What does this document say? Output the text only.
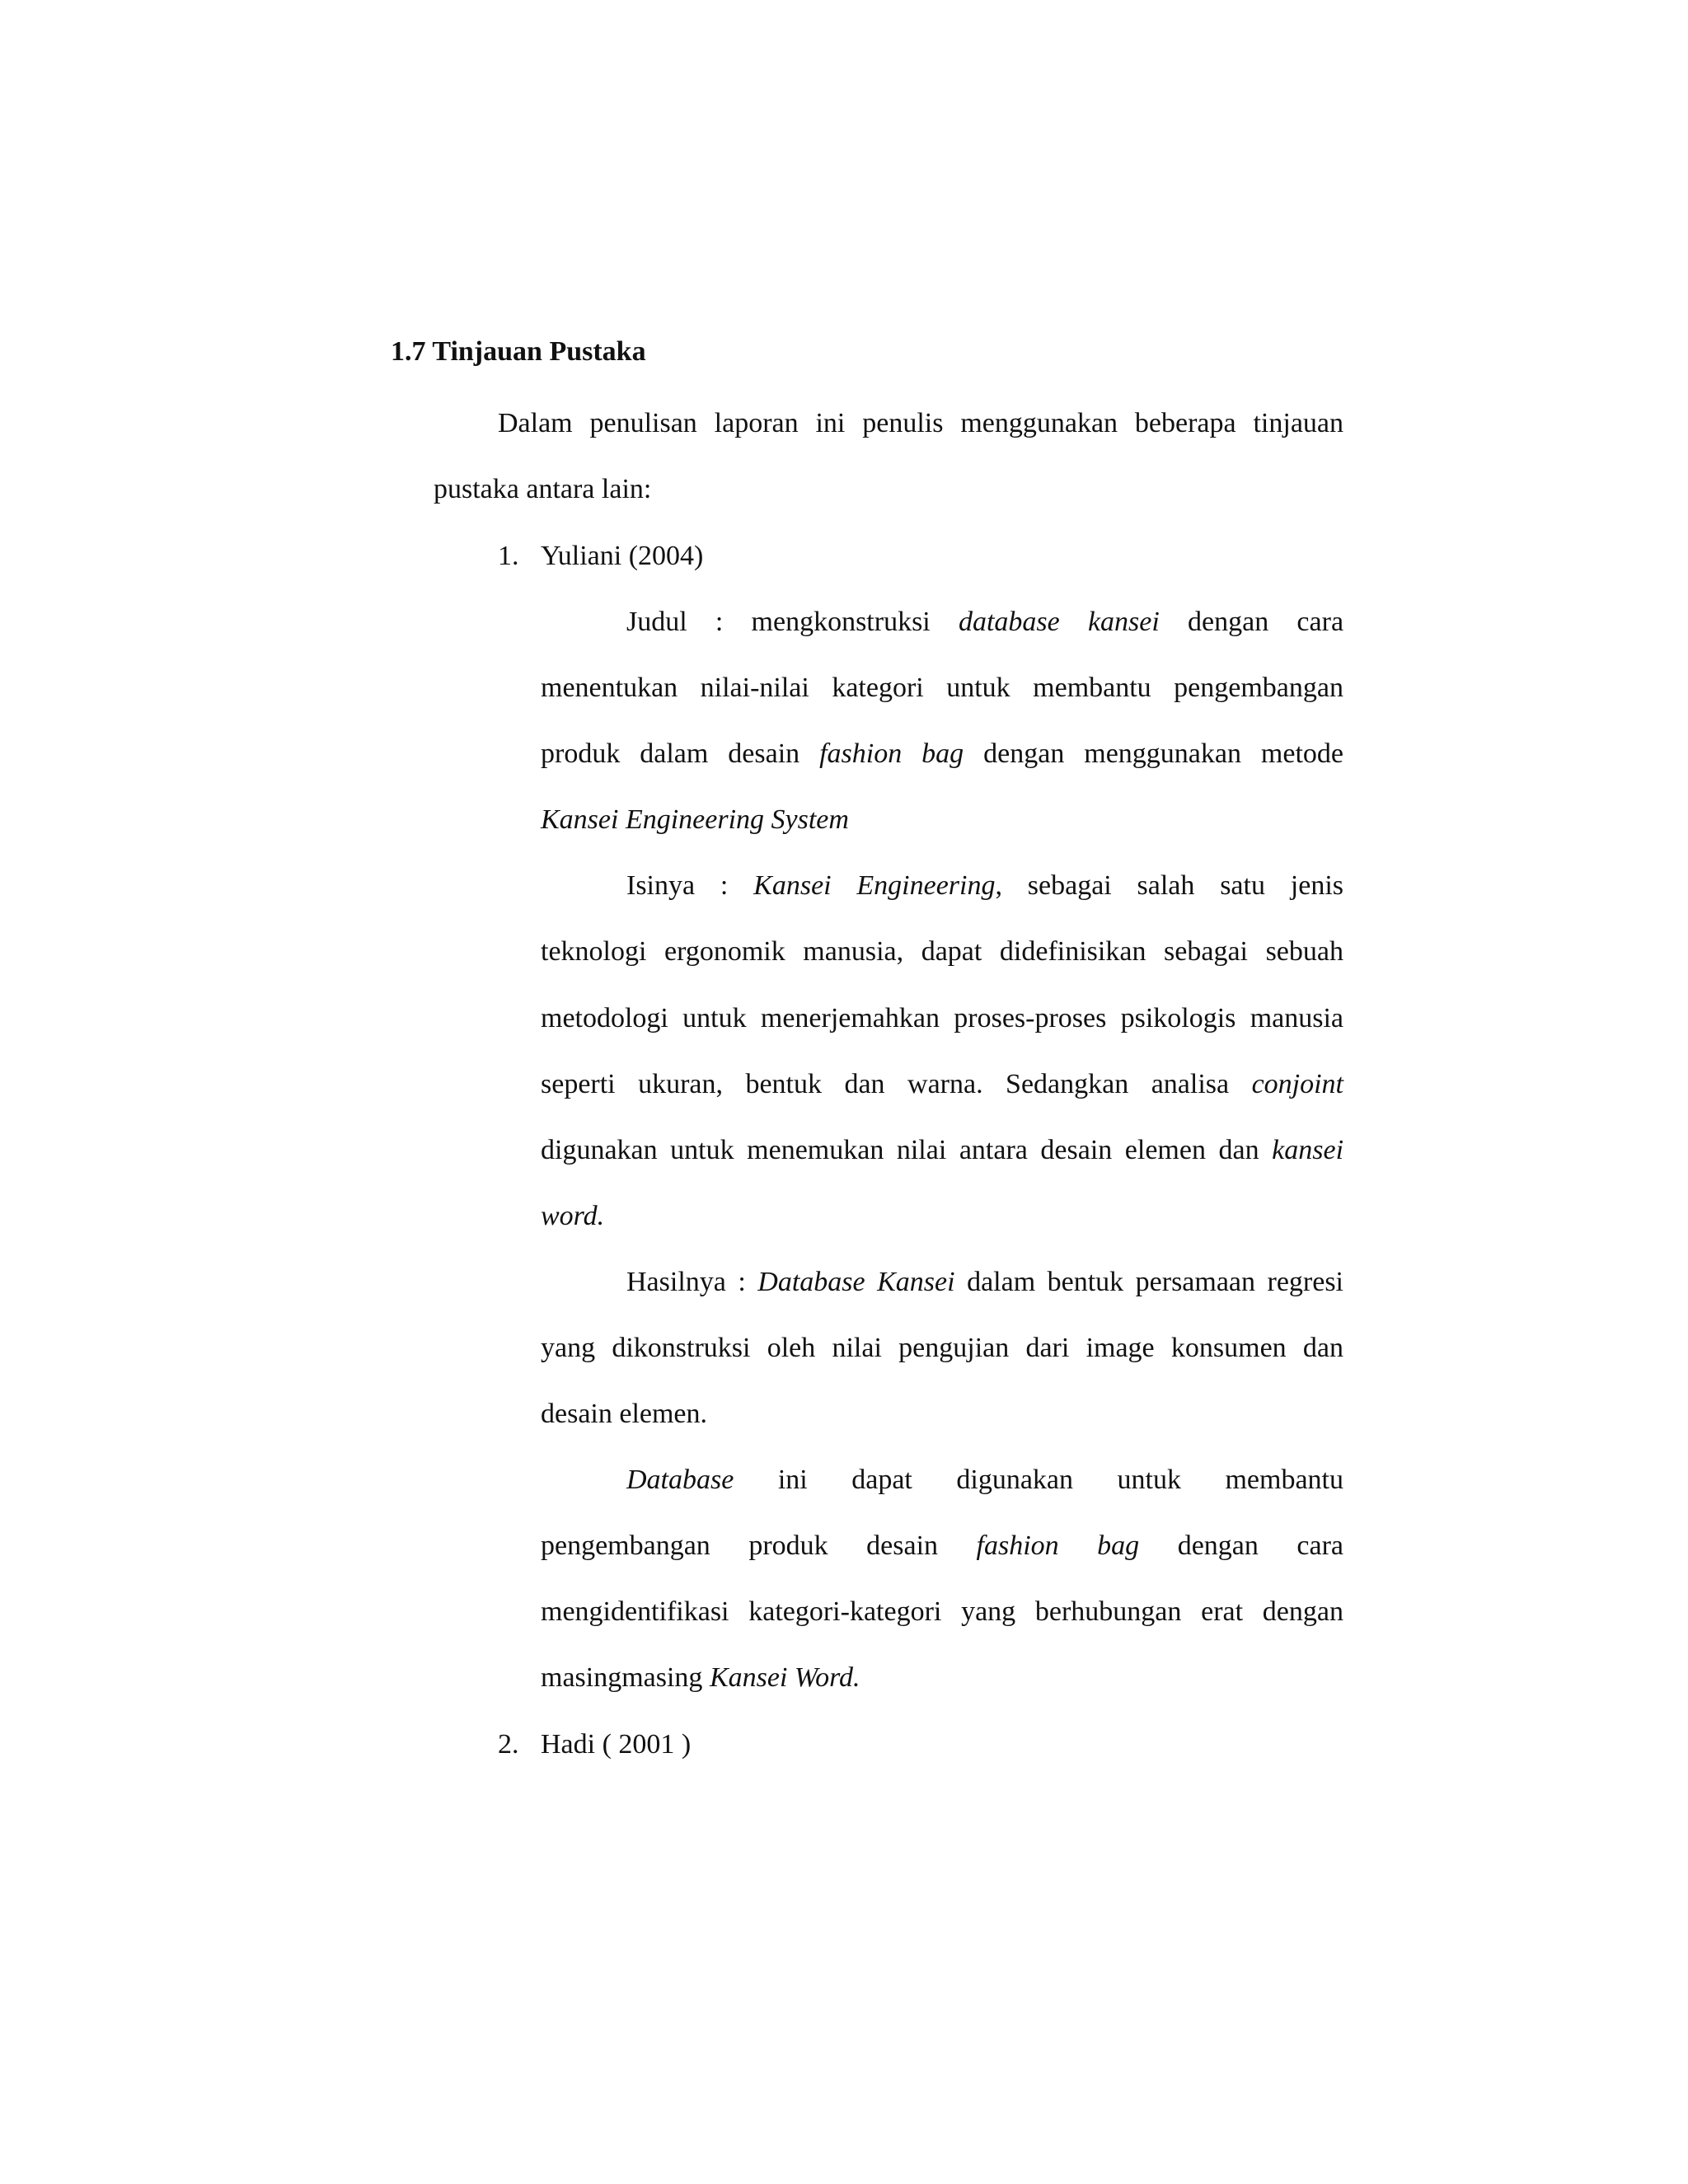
1.7 Tinjauan Pustaka

Dalam penulisan laporan ini penulis menggunakan beberapa tinjauan

pustaka antara lain:

1. Yuliani (2004)

Judul : mengkonstruksi database kansei dengan cara

menentukan nilai-nilai kategori untuk membantu pengembangan

produk dalam desain fashion bag dengan menggunakan metode

Kansei Engineering System

Isinya : Kansei Engineering, sebagai salah satu jenis

teknologi ergonomik manusia, dapat didefinisikan sebagai sebuah

metodologi untuk menerjemahkan proses-proses psikologis manusia

seperti ukuran, bentuk dan warna. Sedangkan analisa conjoint

digunakan untuk menemukan nilai antara desain elemen dan kansei

word.

Hasilnya : Database Kansei dalam bentuk persamaan regresi

yang dikonstruksi oleh nilai pengujian dari image konsumen dan

desain elemen.

Database ini dapat digunakan untuk membantu

pengembangan produk desain fashion bag dengan cara

mengidentifikasi kategori-kategori yang berhubungan erat dengan

masingmasing Kansei Word.

2. Hadi ( 2001 )
